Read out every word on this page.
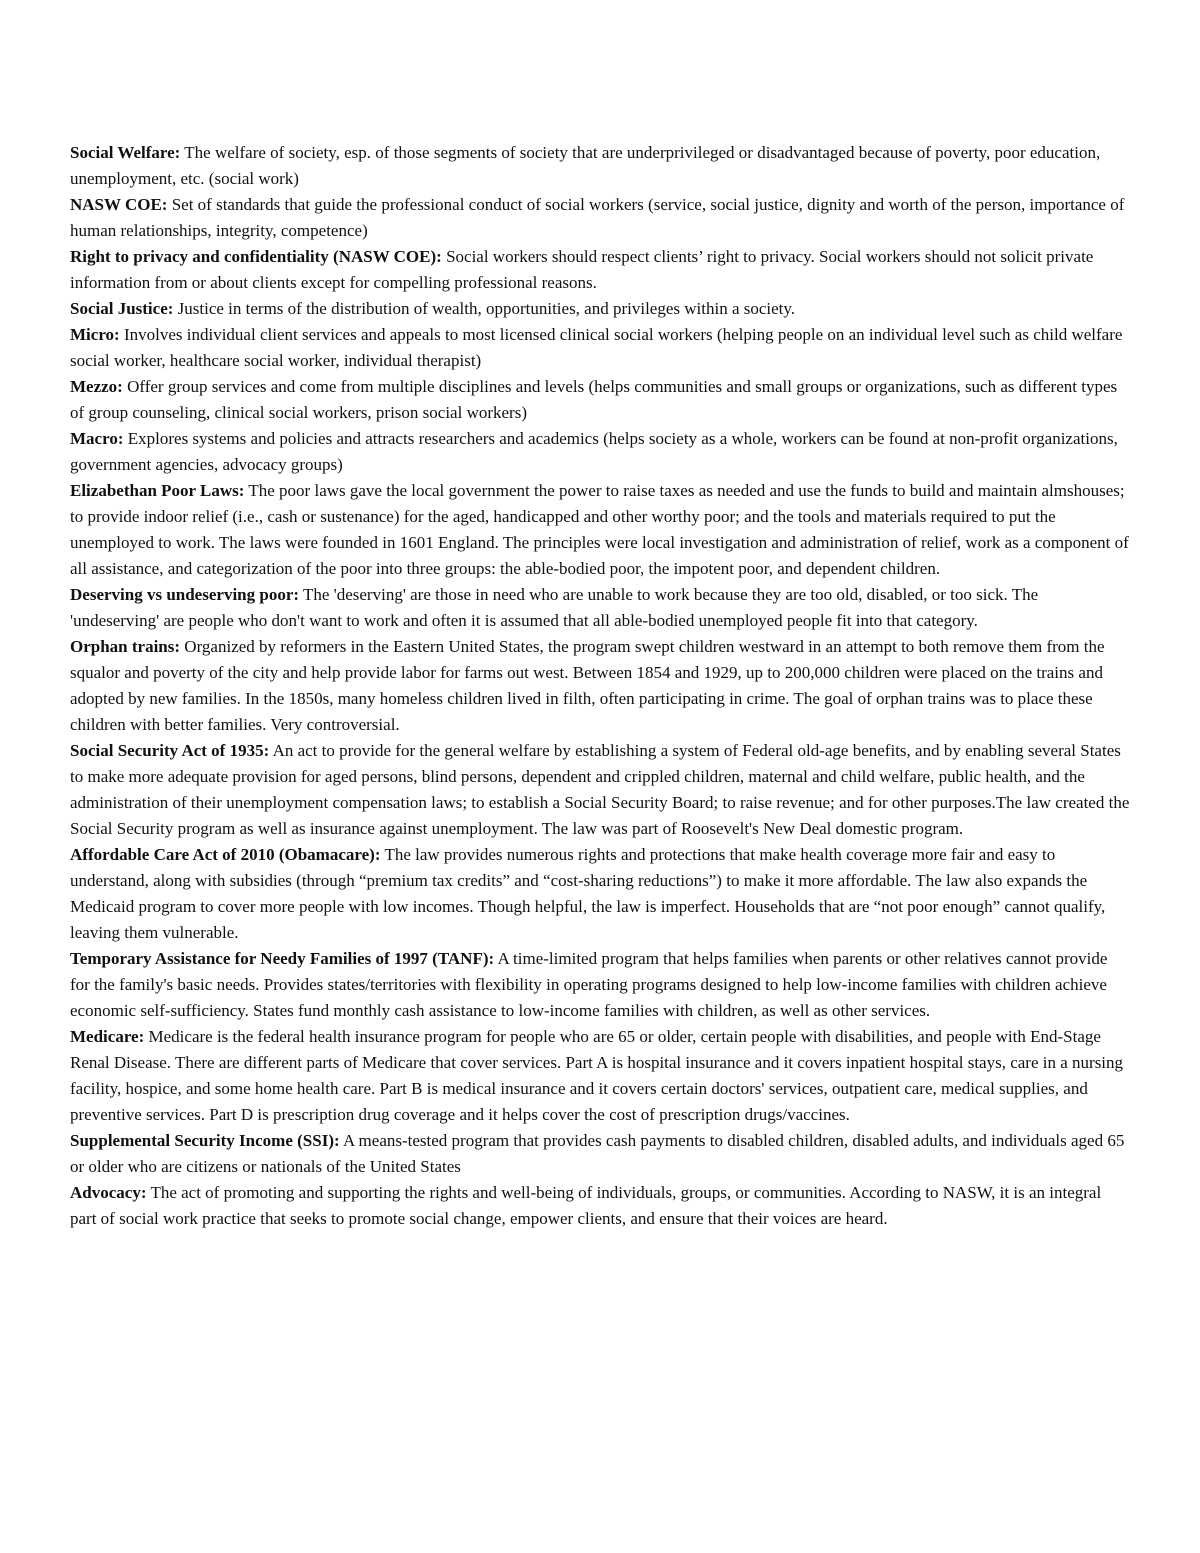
Social Welfare: The welfare of society, esp. of those segments of society that are underprivileged or disadvantaged because of poverty, poor education, unemployment, etc. (social work)

NASW COE: Set of standards that guide the professional conduct of social workers (service, social justice, dignity and worth of the person, importance of human relationships, integrity, competence)

Right to privacy and confidentiality (NASW COE): Social workers should respect clients’ right to privacy. Social workers should not solicit private information from or about clients except for compelling professional reasons.

Social Justice: Justice in terms of the distribution of wealth, opportunities, and privileges within a society.

Micro: Involves individual client services and appeals to most licensed clinical social workers (helping people on an individual level such as child welfare social worker, healthcare social worker, individual therapist)

Mezzo: Offer group services and come from multiple disciplines and levels (helps communities and small groups or organizations, such as different types of group counseling, clinical social workers, prison social workers)

Macro: Explores systems and policies and attracts researchers and academics (helps society as a whole, workers can be found at non-profit organizations, government agencies, advocacy groups)

Elizabethan Poor Laws: The poor laws gave the local government the power to raise taxes as needed and use the funds to build and maintain almshouses; to provide indoor relief (i.e., cash or sustenance) for the aged, handicapped and other worthy poor; and the tools and materials required to put the unemployed to work. The laws were founded in 1601 England. The principles were local investigation and administration of relief, work as a component of all assistance, and categorization of the poor into three groups: the able-bodied poor, the impotent poor, and dependent children.

Deserving vs undeserving poor: The 'deserving' are those in need who are unable to work because they are too old, disabled, or too sick. The 'undeserving' are people who don't want to work and often it is assumed that all able-bodied unemployed people fit into that category.

Orphan trains: Organized by reformers in the Eastern United States, the program swept children westward in an attempt to both remove them from the squalor and poverty of the city and help provide labor for farms out west. Between 1854 and 1929, up to 200,000 children were placed on the trains and adopted by new families. In the 1850s, many homeless children lived in filth, often participating in crime. The goal of orphan trains was to place these children with better families. Very controversial.

Social Security Act of 1935: An act to provide for the general welfare by establishing a system of Federal old-age benefits, and by enabling several States to make more adequate provision for aged persons, blind persons, dependent and crippled children, maternal and child welfare, public health, and the administration of their unemployment compensation laws; to establish a Social Security Board; to raise revenue; and for other purposes.The law created the Social Security program as well as insurance against unemployment. The law was part of Roosevelt's New Deal domestic program.

Affordable Care Act of 2010 (Obamacare): The law provides numerous rights and protections that make health coverage more fair and easy to understand, along with subsidies (through “premium tax credits” and “cost-sharing reductions”) to make it more affordable. The law also expands the Medicaid program to cover more people with low incomes. Though helpful, the law is imperfect. Households that are “not poor enough” cannot qualify, leaving them vulnerable.

Temporary Assistance for Needy Families of 1997 (TANF): A time-limited program that helps families when parents or other relatives cannot provide for the family's basic needs. Provides states/territories with flexibility in operating programs designed to help low-income families with children achieve economic self-sufficiency. States fund monthly cash assistance to low-income families with children, as well as other services.

Medicare: Medicare is the federal health insurance program for people who are 65 or older, certain people with disabilities, and people with End-Stage Renal Disease. There are different parts of Medicare that cover services. Part A is hospital insurance and it covers inpatient hospital stays, care in a nursing facility, hospice, and some home health care. Part B is medical insurance and it covers certain doctors' services, outpatient care, medical supplies, and preventive services. Part D is prescription drug coverage and it helps cover the cost of prescription drugs/vaccines.

Supplemental Security Income (SSI): A means-tested program that provides cash payments to disabled children, disabled adults, and individuals aged 65 or older who are citizens or nationals of the United States

Advocacy: The act of promoting and supporting the rights and well-being of individuals, groups, or communities. According to NASW, it is an integral part of social work practice that seeks to promote social change, empower clients, and ensure that their voices are heard.
